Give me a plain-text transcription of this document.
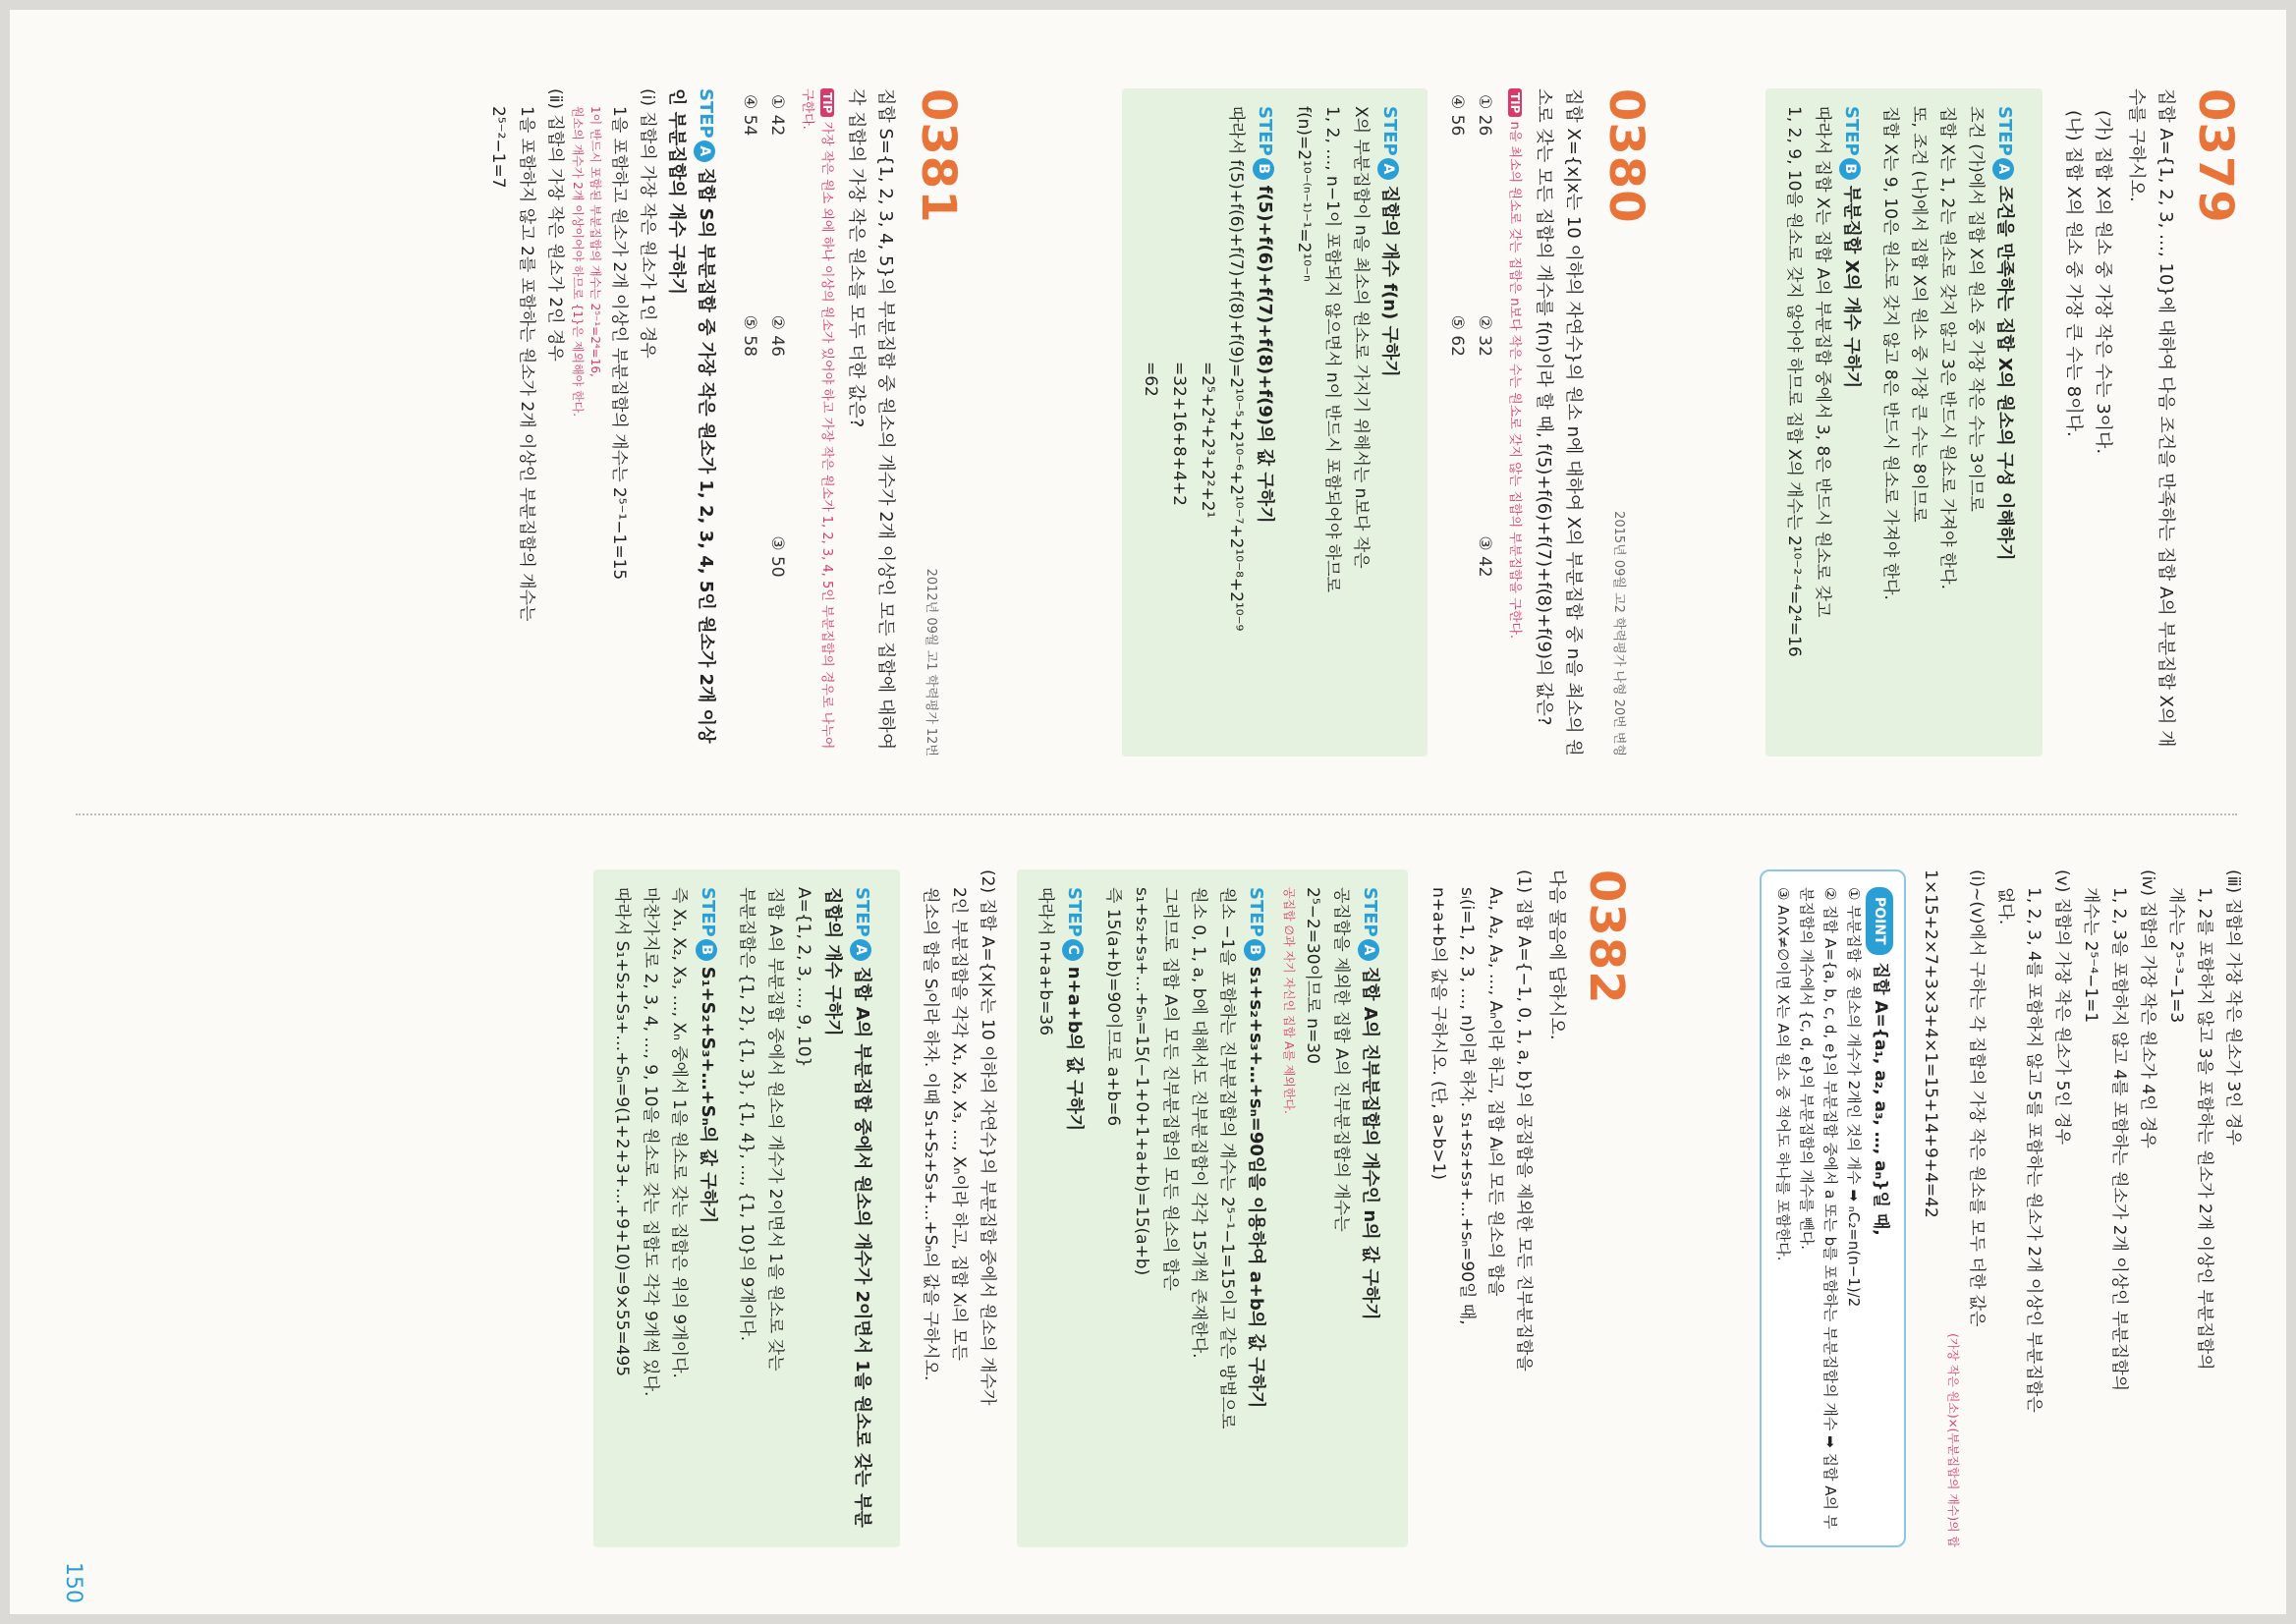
150
0379
집합 A={1, 2, 3, …, 10}에 대하여 다음 조건을 만족하는 집합 A의 부분집합 X의 개수를 구하시오.
(가) 집합 X의 원소 중 가장 작은 수는 3이다.
(나) 집합 X의 원소 중 가장 큰 수는 8이다.
STEPA조건을 만족하는 집합 X의 원소의 구성 이해하기
조건 (가)에서 집합 X의 원소 중 가장 작은 수는 3이므로
집합 X는 1, 2는 원소로 갖지 않고 3은 반드시 원소로 가져야 한다.
또, 조건 (나)에서 집합 X의 원소 중 가장 큰 수는 8이므로
집합 X는 9, 10은 원소로 갖지 않고 8은 반드시 원소로 가져야 한다.
STEPB부분집합 X의 개수 구하기
따라서 집합 X는 집합 A의 부분집합 중에서 3, 8은 반드시 원소로 갖고
1, 2, 9, 10을 원소로 갖지 않아야 하므로 집합 X의 개수는 2¹⁰⁻²⁻⁴=2⁴=16
0380
2015년 09월 고2 학력평가 나형 20번 변형
집합 X={x|x는 10 이하의 자연수}의 원소 n에 대하여 X의 부분집합 중 n을 최소의 원소로 갖는 모든 집합의 개수를 f(n)이라 할 때, f(5)+f(6)+f(7)+f(8)+f(9)의 값은?
TIP n을 최소의 원소로 갖는 집합은 n보다 작은 수는 원소로 갖지 않는 집합의 부분집합을 구한다.
① 26
② 32
③ 42
④ 56
⑤ 62
STEPA집합의 개수 f(n) 구하기
X의 부분집합이 n을 최소의 원소로 가지기 위해서는 n보다 작은
1, 2, …, n−1이 포함되지 않으면서 n이 반드시 포함되어야 하므로
f(n)=2¹⁰⁻⁽ⁿ⁻¹⁾⁻¹=2¹⁰⁻ⁿ
STEPBf(5)+f(6)+f(7)+f(8)+f(9)의 값 구하기
따라서 f(5)+f(6)+f(7)+f(8)+f(9)=2¹⁰⁻⁵+2¹⁰⁻⁶+2¹⁰⁻⁷+2¹⁰⁻⁸+2¹⁰⁻⁹
=2⁵+2⁴+2³+2²+2¹
=32+16+8+4+2
=62
0381
2012년 09월 고1 학력평가 12번
집합 S={1, 2, 3, 4, 5}의 부분집합 중 원소의 개수가 2개 이상인 모든 집합에 대하여 각 집합의 가장 작은 원소를 모두 더한 값은?
TIP 가장 작은 원소 외에 하나 이상의 원소가 있어야 하고 가장 작은 원소가 1, 2, 3, 4, 5인 부분집합의 경우로 나누어 구한다.
① 42
② 46
③ 50
④ 54
⑤ 58
STEPA집합 S의 부분집합 중 가장 작은 원소가 1, 2, 3, 4, 5인 원소가 2개 이상인 부분집합의 개수 구하기
(ⅰ) 집합의 가장 작은 원소가 1인 경우
1을 포함하고 원소가 2개 이상인 부분집합의 개수는 2⁵⁻¹−1=15
1이 반드시 포함된 부분집합의 개수는 2⁵⁻¹=2⁴=16,
원소의 개수가 2개 이상이어야 하므로 {1}은 제외해야 한다.
(ⅱ) 집합의 가장 작은 원소가 2인 경우
1을 포함하지 않고 2를 포함하는 원소가 2개 이상인 부분집합의 개수는
2⁵⁻²−1=7
(ⅲ) 집합의 가장 작은 원소가 3인 경우
1, 2를 포함하지 않고 3을 포함하는 원소가 2개 이상인 부분집합의
개수는 2⁵⁻³−1=3
(ⅳ) 집합의 가장 작은 원소가 4인 경우
1, 2, 3을 포함하지 않고 4를 포함하는 원소가 2개 이상인 부분집합의
개수는 2⁵⁻⁴−1=1
(ⅴ) 집합의 가장 작은 원소가 5인 경우
1, 2, 3, 4를 포함하지 않고 5를 포함하는 원소가 2개 이상인 부분집합은
없다.
(ⅰ)~(ⅴ)에서 구하는 각 집합의 가장 작은 원소를 모두 더한 값은
(가장 작은 원소)×(부분집합의 개수)의 합
1×15+2×7+3×3+4×1=15+14+9+4=42
POINT집합 A={a₁, a₂, a₃, …, aₙ}일 때,
① 부분집합 중 원소의 개수가 2개인 것의 개수 ➡ ₙC₂=n(n−1)/2
② 집합 A={a, b, c, d, e}의 부분집합 중에서 a 또는 b를 포함하는 부분집합의 개수 ➡ 집합 A의 부분집합의 개수에서 {c, d, e}의 부분집합의 개수를 뺀다.
③ A∩X≠∅이면 X는 A의 원소 중 적어도 하나를 포함한다.
0382
다음 물음에 답하시오.
(1) 집합 A={−1, 0, 1, a, b}의 공집합을 제외한 모든 진부분집합을
A₁, A₂, A₃, …, Aₙ이라 하고, 집합 Aᵢ의 모든 원소의 합을
sᵢ(i=1, 2, 3, …, n)이라 하자. s₁+s₂+s₃+…+sₙ=90일 때,
n+a+b의 값을 구하시오. (단, a>b>1)
STEPA집합 A의 진부분집합의 개수인 n의 값 구하기
공집합을 제외한 집합 A의 진부분집합의 개수는
2⁵−2=30이므로 n=30
공집합 ∅과 자기 자신인 집합 A를 제외한다.
STEPBs₁+s₂+s₃+…+sₙ=90임을 이용하여 a+b의 값 구하기
원소 −1을 포함하는 진부분집합의 개수는 2⁵⁻¹−1=15이고 같은 방법으로
원소 0, 1, a, b에 대해서도 진부분집합이 각각 15개씩 존재한다.
그러므로 집합 A의 모든 진부분집합의 모든 원소의 합은
s₁+s₂+s₃+…+sₙ=15(−1+0+1+a+b)=15(a+b)
즉 15(a+b)=90이므로 a+b=6
STEPCn+a+b의 값 구하기
따라서 n+a+b=36
(2) 집합 A={x|x는 10 이하의 자연수}의 부분집합 중에서 원소의 개수가
2인 부분집합을 각각 X₁, X₂, X₃, …, Xₙ이라 하고, 집합 Xᵢ의 모든
원소의 합을 Sᵢ이라 하자. 이때 S₁+S₂+S₃+…+Sₙ의 값을 구하시오.
STEPA집합 A의 부분집합 중에서 원소의 개수가 2이면서 1을 원소로 갖는 부분집합의 개수 구하기
A={1, 2, 3, …, 9, 10}
집합 A의 부분집합 중에서 원소의 개수가 2이면서 1을 원소로 갖는
부분집합은 {1, 2}, {1, 3}, {1, 4}, …, {1, 10}의 9개이다.
STEPBS₁+S₂+S₃+…+Sₙ의 값 구하기
즉 X₁, X₂, X₃, …, Xₙ 중에서 1을 원소로 갖는 집합은 위의 9개이다.
마찬가지로 2, 3, 4, …, 9, 10을 원소로 갖는 집합도 각각 9개씩 있다.
따라서 S₁+S₂+S₃+…+Sₙ=9(1+2+3+…+9+10)=9×55=495
